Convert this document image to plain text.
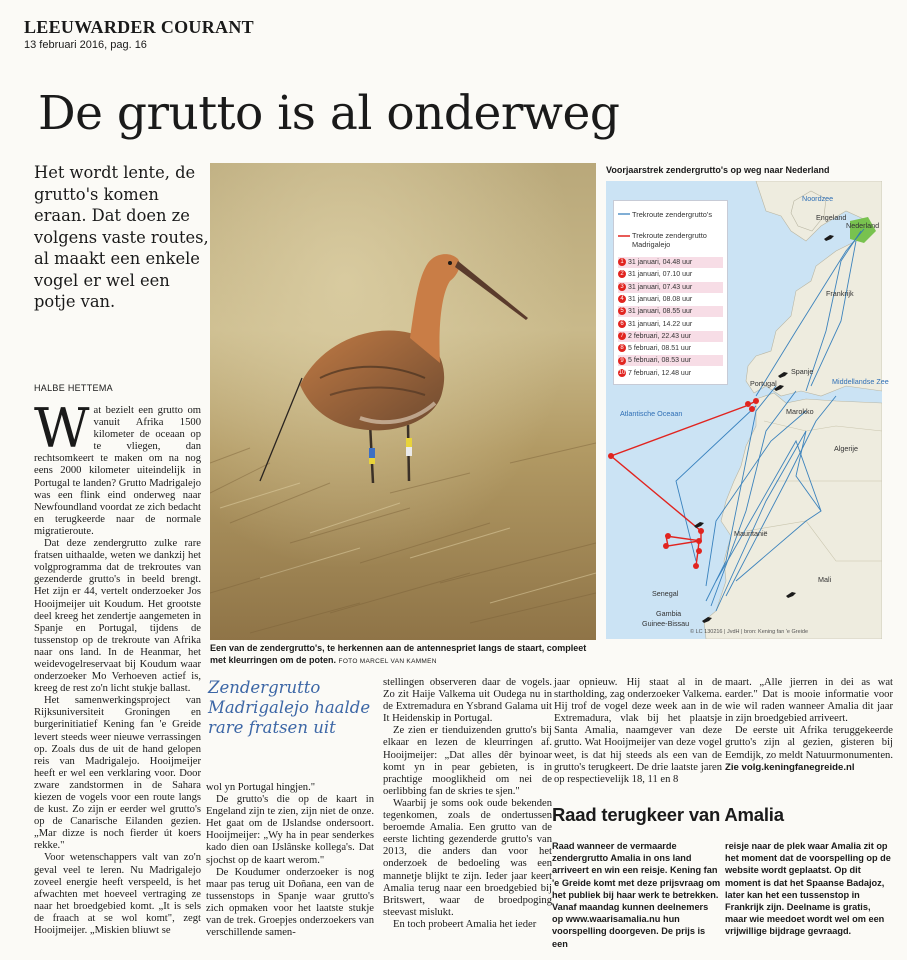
LEEUWARDER COURANT
13 februari 2016, pag. 16
De grutto is al onderweg
Het wordt lente, de grutto's komen eraan. Dat doen ze volgens vaste routes, al maakt een enkele vogel er wel een potje van.
HALBE HETTEMA

Wat bezielt een grutto om vanuit Afrika 1500 kilometer de oceaan op te vliegen, dan rechtsomkeert te maken om na nog eens 2000 kilometer uiteindelijk in Portugal te landen? Grutto Madrigalejo was een flink eind onderweg naar Newfoundland voordat ze zich bedacht en terugkeerde naar de normale migratieroute.

Dat deze zendergrutto zulke rare fratsen uithaalde, weten we dankzij het volgprogramma dat de trekroutes van gezenderde grutto's in beeld brengt. Het zijn er 44, vertelt onderzoeker Jos Hooijmeijer uit Koudum. Het grootste deel kreeg het zendertje aangemeten in Spanje en Portugal, tijdens de tussenstop op de trekroute van Afrika naar ons land. In de Heanmar, het weidevogelreservaat bij Koudum waar onderzoeker Mo Verhoeven actief is, kreeg de rest zo'n licht stukje ballast.

Het samenwerkingsproject van Rijksuniversiteit Groningen en burgerinitiatief Kening fan 'e Greide levert steeds weer nieuwe verrassingen op. Zoals dus de uit de hand gelopen reis van Madrigalejo. Hooijmeijer heeft er wel een verklaring voor. Door zware zandstormen in de Sahara kiezen de vogels voor een route langs de kust. Zo zijn er eerder wel grutto's op de Canarische Eilanden gezien. „Mar dizze is noch fierder út koers rekke."

Voor wetenschappers valt van zo'n geval veel te leren. Nu Madrigalejo zoveel energie heeft verspeeld, is het afwachten met hoeveel vertraging ze naar het broedgebied komt. „It is sels de fraach at se wol komt", zegt Hooijmeijer. „Miskien bliuwt se

Een van de zendergrutto's, te herkennen aan de antennespriet langs de staart, compleet met kleurringen om de poten. FOTO MARCEL VAN KAMMEN
Voorjaarstrek zendergrutto's op weg naar Nederland
Noordzee
Engeland
Nederland
Frankrijk
Portugal
Spanje
Middellandse Zee
Atlantische Oceaan	Marokko
Algerije
Mauritanië
Mali
Senegal
Gambia
Guinee-Bissau
Trekroute zendergrutto's
Trekroute zendergrutto Madrigalejo
1 31 januari, 04.48 uur
2 31 januari, 07.10 uur
3 31 januari, 07.43 uur
4 31 januari, 08.08 uur
5 31 januari, 08.55 uur
6 31 januari, 14.22 uur
7 2 februari, 22.43 uur
8 5 februari, 08.51 uur
9 5 februari, 08.53 uur
10 7 februari, 12.48 uur
© LC 130216 | JvdH | bron: Kening fan 'e Greide
Zendergrutto Madrigalejo haalde rare fratsen uit

wol yn Portugal hingjen."

De grutto's die op de kaart in Engeland zijn te zien, zijn niet de onze. Het gaat om de IJslandse ondersoort. Hooijmeijer: „Wy ha in pear senderkes kado dien oan IJslânske kollega's. Dat sjochst op de kaart werom."

De Koudumer onderzoeker is nog maar pas terug uit Doñana, een van de tussenstops in Spanje waar grutto's zich opmaken voor het laatste stukje van de trek. Groepjes onderzoekers van verschillende samen-

stellingen observeren daar de vogels. Zo zit Haije Valkema uit Oudega nu in de Extremadura en Ysbrand Galama uit It Heidenskip in Portugal.

Ze zien er tienduizenden grutto's bij elkaar en lezen de kleurringen af. Hooijmeijer: „Dat alles dêr byinoar komt yn in pear gebieten, is in prachtige mooglikheid om nei de oerlibbing fan de skries te sjen."

Waarbij je soms ook oude bekenden tegenkomen, zoals de ondertussen beroemde Amalia. Een grutto van de eerste lichting gezenderde grutto's van 2013, die anders dan voor het onderzoek de bedoeling was een mannetje blijkt te zijn. Ieder jaar keert Amalia terug naar een broedgebied bij Britswert, waar de broedpoging steevast mislukt.

En toch probeert Amalia het ieder

jaar opnieuw. Hij staat al in de startholding, zag onderzoeker Valkema. Hij trof de vogel deze week aan in de Extremadura, vlak bij het plaatsje Santa Amalia, naamgever van deze grutto. Wat Hooijmeijer van deze vogel weet, is dat hij steeds als een van de grutto's terugkeert. De drie laatste jaren op respectievelijk 18, 11 en 8

maart. „Alle jierren in dei as wat earder." Dat is mooie informatie voor wie wil raden wanneer Amalia dit jaar in zijn broedgebied arriveert.

De eerste uit Afrika teruggekeerde grutto's zijn al gezien, gisteren bij Eemdijk, zo meldt Natuurmonumenten.

Zie volg.keningfanegreide.nl

Raad terugkeer van Amalia
Raad wanneer de vermaarde zendergrutto Amalia in ons land arriveert en win een reisje. Kening fan 'e Greide komt met deze prijsvraag om het publiek bij haar werk te betrekken. Vanaf maandag kunnen deelnemers op www.waarisamalia.nu hun voorspelling doorgeven. De prijs is een
reisje naar de plek waar Amalia zit op het moment dat de voorspelling op de website wordt geplaatst. Op dit moment is dat het Spaanse Badajoz, later kan het een tussenstop in Frankrijk zijn. Deelname is gratis, maar wie meedoet wordt wel om een vrijwillige bijdrage gevraagd.
